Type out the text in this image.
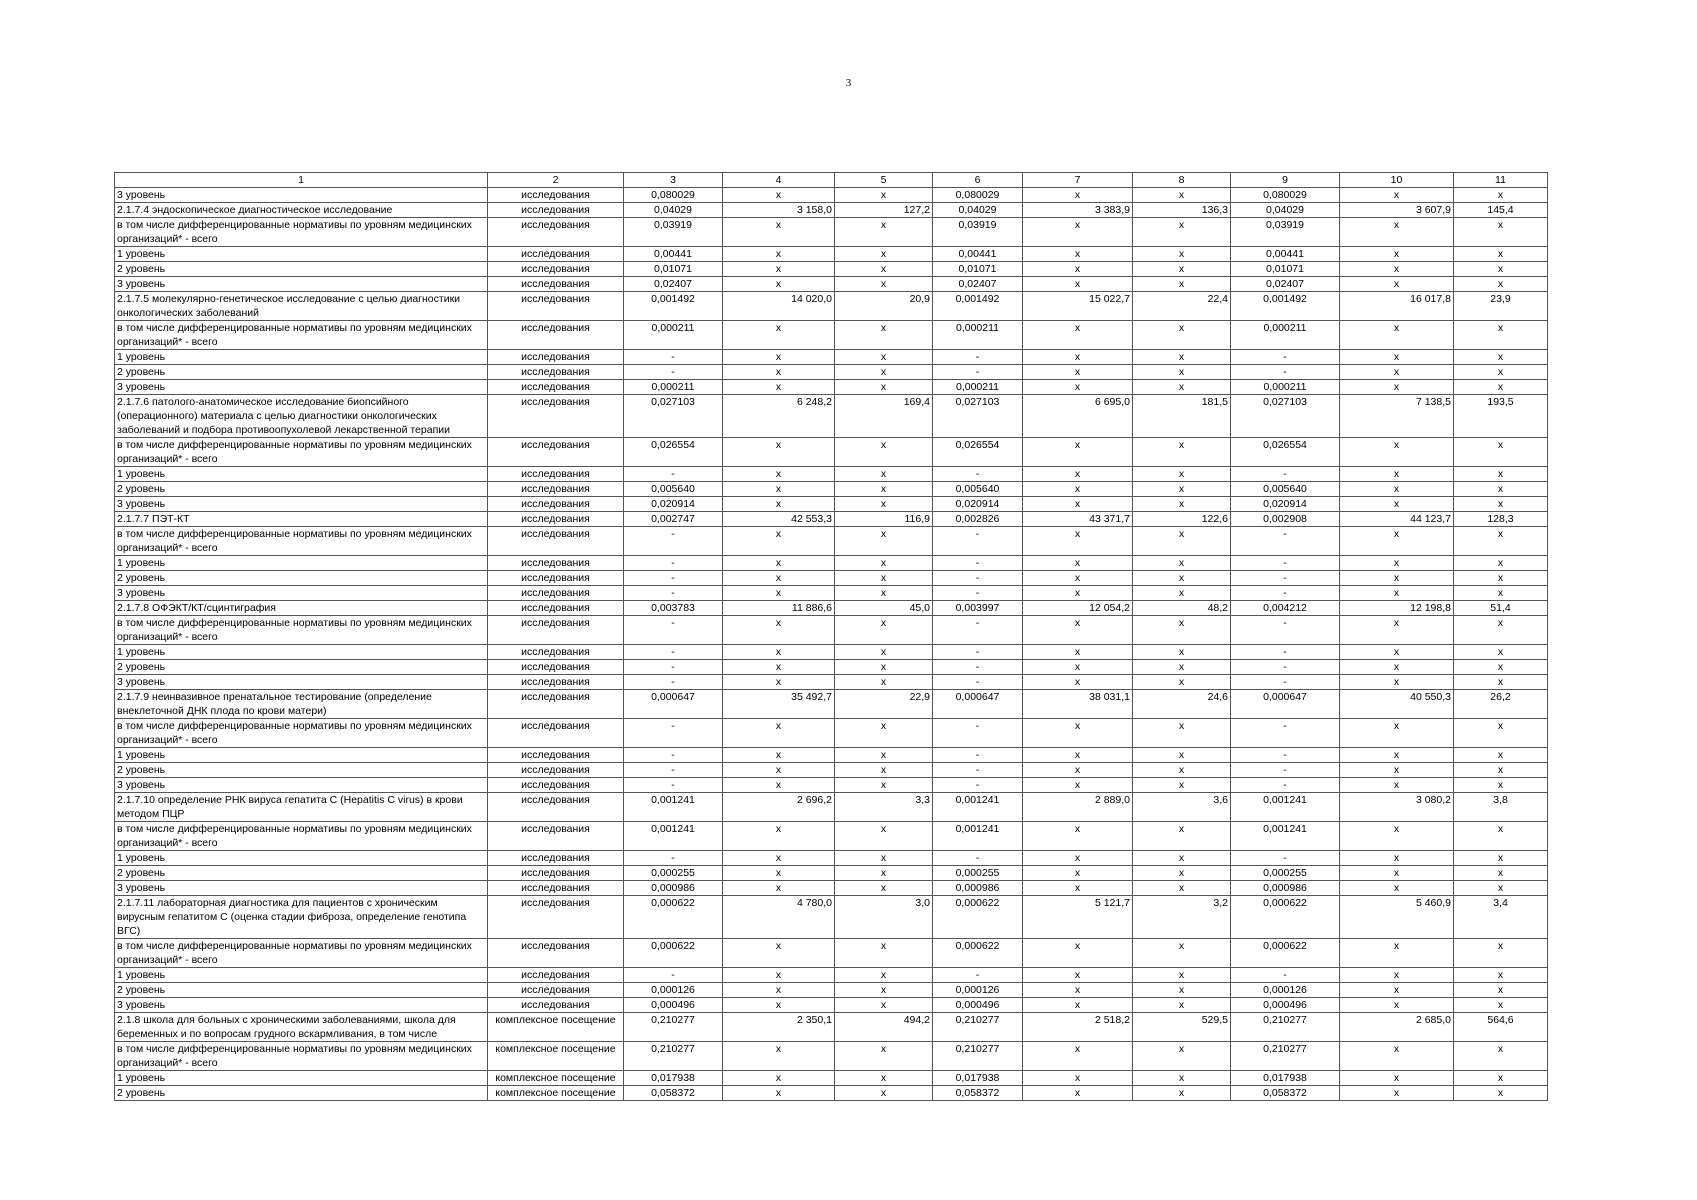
3
1	2	3	4	5	6	7	8	9	10	11
3 уровень	исследования	0,080029	x	x	0,080029	x	x	0,080029	x	x
2.1.7.4 эндоскопическое диагностическое исследование	исследования	0,04029	3 158,0	127,2	0,04029	3 383,9	136,3	0,04029	3 607,9	145,4
в том числе дифференцированные нормативы по уровням медицинских организаций* - всего	исследования	0,03919	x	x	0,03919	x	x	0,03919	x	x
1 уровень	исследования	0,00441	x	x	0,00441	x	x	0,00441	x	x
2 уровень	исследования	0,01071	x	x	0,01071	x	x	0,01071	x	x
3 уровень	исследования	0,02407	x	x	0,02407	x	x	0,02407	x	x
2.1.7.5 молекулярно-генетическое исследование с целью диагностики онкологических заболеваний	исследования	0,001492	14 020,0	20,9	0,001492	15 022,7	22,4	0,001492	16 017,8	23,9
в том числе дифференцированные нормативы по уровням медицинских организаций* - всего	исследования	0,000211	x	x	0,000211	x	x	0,000211	x	x
1 уровень	исследования	-	x	x	-	x	x	-	x	x
2 уровень	исследования	-	x	x	-	x	x	-	x	x
3 уровень	исследования	0,000211	x	x	0,000211	x	x	0,000211	x	x
2.1.7.6 патолого-анатомическое исследование биопсийного (операционного) материала с целью диагностики онкологических заболеваний и подбора противоопухолевой лекарственной терапии	исследования	0,027103	6 248,2	169,4	0,027103	6 695,0	181,5	0,027103	7 138,5	193,5
в том числе дифференцированные нормативы по уровням медицинских организаций* - всего	исследования	0,026554	x	x	0,026554	x	x	0,026554	x	x
1 уровень	исследования	-	x	x	-	x	x	-	x	x
2 уровень	исследования	0,005640	x	x	0,005640	x	x	0,005640	x	x
3 уровень	исследования	0,020914	x	x	0,020914	x	x	0,020914	x	x
2.1.7.7 ПЭТ-КТ	исследования	0,002747	42 553,3	116,9	0,002826	43 371,7	122,6	0,002908	44 123,7	128,3
в том числе дифференцированные нормативы по уровням медицинских организаций* - всего	исследования	-	x	x	-	x	x	-	x	x
1 уровень	исследования	-	x	x	-	x	x	-	x	x
2 уровень	исследования	-	x	x	-	x	x	-	x	x
3 уровень	исследования	-	x	x	-	x	x	-	x	x
2.1.7.8 ОФЭКТ/КТ/сцинтиграфия	исследования	0,003783	11 886,6	45,0	0,003997	12 054,2	48,2	0,004212	12 198,8	51,4
в том числе дифференцированные нормативы по уровням медицинских организаций* - всего	исследования	-	x	x	-	x	x	-	x	x
1 уровень	исследования	-	x	x	-	x	x	-	x	x
2 уровень	исследования	-	x	x	-	x	x	-	x	x
3 уровень	исследования	-	x	x	-	x	x	-	x	x
2.1.7.9 неинвазивное пренатальное тестирование (определение внеклеточной ДНК плода по крови матери)	исследования	0,000647	35 492,7	22,9	0,000647	38 031,1	24,6	0,000647	40 550,3	26,2
в том числе дифференцированные нормативы по уровням медицинских организаций* - всего	исследования	-	x	x	-	x	x	-	x	x
1 уровень	исследования	-	x	x	-	x	x	-	x	x
2 уровень	исследования	-	x	x	-	x	x	-	x	x
3 уровень	исследования	-	x	x	-	x	x	-	x	x
2.1.7.10 определение РНК вируса гепатита С (Hepatitis C virus) в крови методом ПЦР	исследования	0,001241	2 696,2	3,3	0,001241	2 889,0	3,6	0,001241	3 080,2	3,8
в том числе дифференцированные нормативы по уровням медицинских организаций* - всего	исследования	0,001241	x	x	0,001241	x	x	0,001241	x	x
1 уровень	исследования	-	x	x	-	x	x	-	x	x
2 уровень	исследования	0,000255	x	x	0,000255	x	x	0,000255	x	x
3 уровень	исследования	0,000986	x	x	0,000986	x	x	0,000986	x	x
2.1.7.11 лабораторная диагностика для пациентов с хроническим вирусным гепатитом С (оценка стадии фиброза, определение генотипа ВГС)	исследования	0,000622	4 780,0	3,0	0,000622	5 121,7	3,2	0,000622	5 460,9	3,4
в том числе дифференцированные нормативы по уровням медицинских организаций* - всего	исследования	0,000622	x	x	0,000622	x	x	0,000622	x	x
1 уровень	исследования	-	x	x	-	x	x	-	x	x
2 уровень	исследования	0,000126	x	x	0,000126	x	x	0,000126	x	x
3 уровень	исследования	0,000496	x	x	0,000496	x	x	0,000496	x	x
2.1.8 школа для больных с хроническими заболеваниями, школа для беременных и по вопросам грудного вскармливания, в том числе	комплексное посещение	0,210277	2 350,1	494,2	0,210277	2 518,2	529,5	0,210277	2 685,0	564,6
в том числе дифференцированные нормативы по уровням медицинских организаций* - всего	комплексное посещение	0,210277	x	x	0,210277	x	x	0,210277	x	x
1 уровень	комплексное посещение	0,017938	x	x	0,017938	x	x	0,017938	x	x
2 уровень	комплексное посещение	0,058372	x	x	0,058372	x	x	0,058372	x	x
